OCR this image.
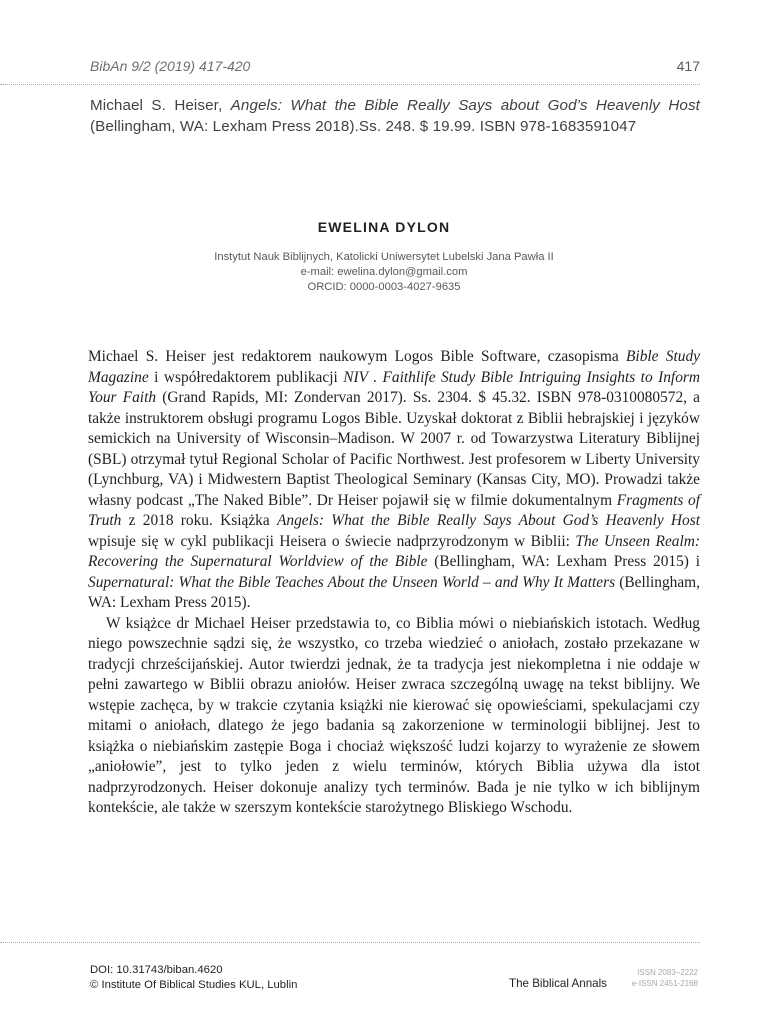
BibAn 9/2 (2019) 417-420	417
Michael S. Heiser, Angels: What the Bible Really Says about God’s Heavenly Host (Bellingham, WA: Lexham Press 2018).Ss. 248. $ 19.99. ISBN 978-1683591047
EWELINA DYLON
Instytut Nauk Biblijnych, Katolicki Uniwersytet Lubelski Jana Pawła II
e-mail: ewelina.dylon@gmail.com
ORCID: 0000-0003-4027-9635

Michael S. Heiser jest redaktorem naukowym Logos Bible Software, czasopisma Bible Study Magazine i współredaktorem publikacji NIV . Faithlife Study Bible Intriguing Insights to Inform Your Faith (Grand Rapids, MI: Zondervan 2017). Ss. 2304. $ 45.32. ISBN 978-0310080572, a także instruktorem obsługi programu Logos Bible. Uzyskał doktorat z Biblii hebrajskiej i języków semickich na University of Wisconsin–Madison. W 2007 r. od Towarzystwa Literatury Biblijnej (SBL) otrzymał tytuł Regional Scholar of Pacific Northwest. Jest profesorem w Liberty University (Lynchburg, VA) i Midwestern Baptist Theological Seminary (Kansas City, MO). Prowadzi także własny podcast „The Naked Bible”. Dr Heiser pojawił się w filmie dokumentalnym Fragments of Truth z 2018 roku. Książka Angels: What the Bible Really Says About God’s Heavenly Host wpisuje się w cykl publikacji Heisera o świecie nadprzyrodzonym w Biblii: The Unseen Realm: Recovering the Supernatural Worldview of the Bible (Bellingham, WA: Lexham Press 2015) i Supernatural: What the Bible Teaches About the Unseen World – and Why It Matters (Bellingham, WA: Lexham Press 2015).

W książce dr Michael Heiser przedstawia to, co Biblia mówi o niebiańskich istotach. Według niego powszechnie sądzi się, że wszystko, co trzeba wiedzieć o aniołach, zostało przekazane w tradycji chrześcijańskiej. Autor twierdzi jednak, że ta tradycja jest niekompletna i nie oddaje w pełni zawartego w Biblii obrazu aniołów. Heiser zwraca szczególną uwagę na tekst biblijny. We wstępie zachęca, by w trakcie czytania książki nie kierować się opowieściami, spekulacjami czy mitami o aniołach, dlatego że jego badania są zakorzenione w terminologii biblijnej. Jest to książka o niebiańskim zastępie Boga i chociaż większość ludzi kojarzy to wyrażenie ze słowem „aniołowie”, jest to tylko jeden z wielu terminów, których Biblia używa dla istot nadprzyrodzonych. Heiser dokonuje analizy tych terminów. Bada je nie tylko w ich biblijnym kontekście, ale także w szerszym kontekście starożytnego Bliskiego Wschodu.

DOI: 10.31743/biban.4620
© Institute Of Biblical Studies KUL, Lublin	The Biblical Annals
ISSN 2083–2222
e-ISSN 2451-2168
